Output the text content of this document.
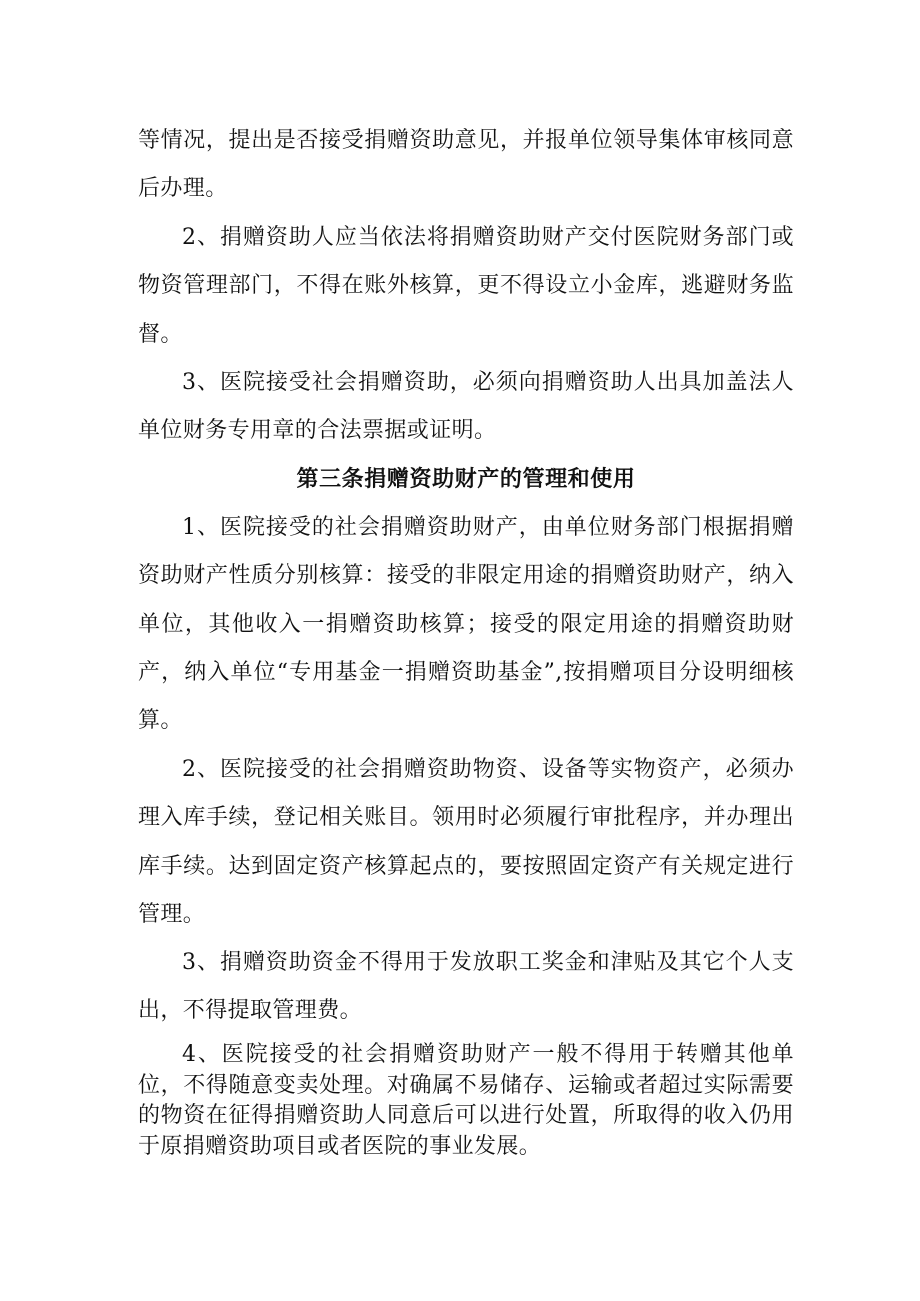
等情况，提出是否接受捐赠资助意见，并报单位领导集体审核同意后办理。

2、捐赠资助人应当依法将捐赠资助财产交付医院财务部门或物资管理部门，不得在账外核算，更不得设立小金库，逃避财务监督。

3、医院接受社会捐赠资助，必须向捐赠资助人出具加盖法人单位财务专用章的合法票据或证明。

第三条捐赠资助财产的管理和使用

1、医院接受的社会捐赠资助财产，由单位财务部门根据捐赠资助财产性质分别核算：接受的非限定用途的捐赠资助财产，纳入单位，其他收入一捐赠资助核算；接受的限定用途的捐赠资助财产，纳入单位“专用基金一捐赠资助基金”,按捐赠项目分设明细核算。

2、医院接受的社会捐赠资助物资、设备等实物资产，必须办理入库手续，登记相关账目。领用时必须履行审批程序，并办理出库手续。达到固定资产核算起点的，要按照固定资产有关规定进行管理。

3、捐赠资助资金不得用于发放职工奖金和津贴及其它个人支出，不得提取管理费。

4、医院接受的社会捐赠资助财产一般不得用于转赠其他单位，不得随意变卖处理。对确属不易储存、运输或者超过实际需要的物资在征得捐赠资助人同意后可以进行处置，所取得的收入仍用于原捐赠资助项目或者医院的事业发展。
